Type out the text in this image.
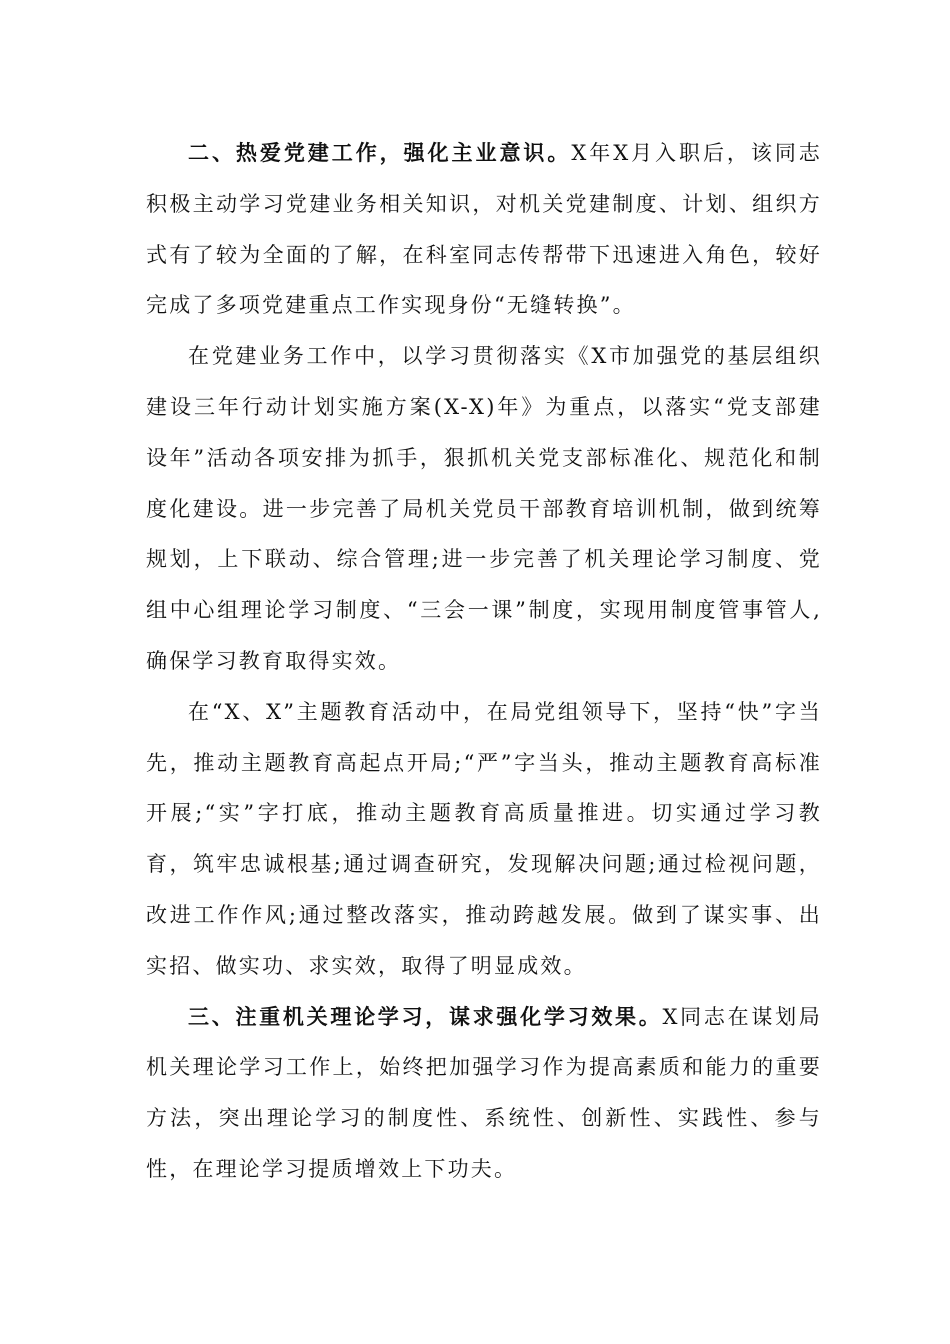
二、热爱党建工作，强化主业意识。X年X月入职后，该同志积极主动学习党建业务相关知识，对机关党建制度、计划、组织方式有了较为全面的了解，在科室同志传帮带下迅速进入角色，较好完成了多项党建重点工作实现身份“无缝转换”。

在党建业务工作中，以学习贯彻落实《X市加强党的基层组织建设三年行动计划实施方案(X-X)年》为重点，以落实“党支部建设年”活动各项安排为抓手，狠抓机关党支部标准化、规范化和制度化建设。进一步完善了局机关党员干部教育培训机制，做到统筹规划，上下联动、综合管理;进一步完善了机关理论学习制度、党组中心组理论学习制度、“三会一课”制度，实现用制度管事管人,确保学习教育取得实效。

在“X、X”主题教育活动中，在局党组领导下，坚持“快”字当先，推动主题教育高起点开局;“严”字当头，推动主题教育高标准开展;“实”字打底，推动主题教育高质量推进。切实通过学习教育，筑牢忠诚根基;通过调查研究，发现解决问题;通过检视问题，改进工作作风;通过整改落实，推动跨越发展。做到了谋实事、出实招、做实功、求实效，取得了明显成效。

三、注重机关理论学习，谋求强化学习效果。X同志在谋划局机关理论学习工作上，始终把加强学习作为提高素质和能力的重要方法，突出理论学习的制度性、系统性、创新性、实践性、参与性，在理论学习提质增效上下功夫。
